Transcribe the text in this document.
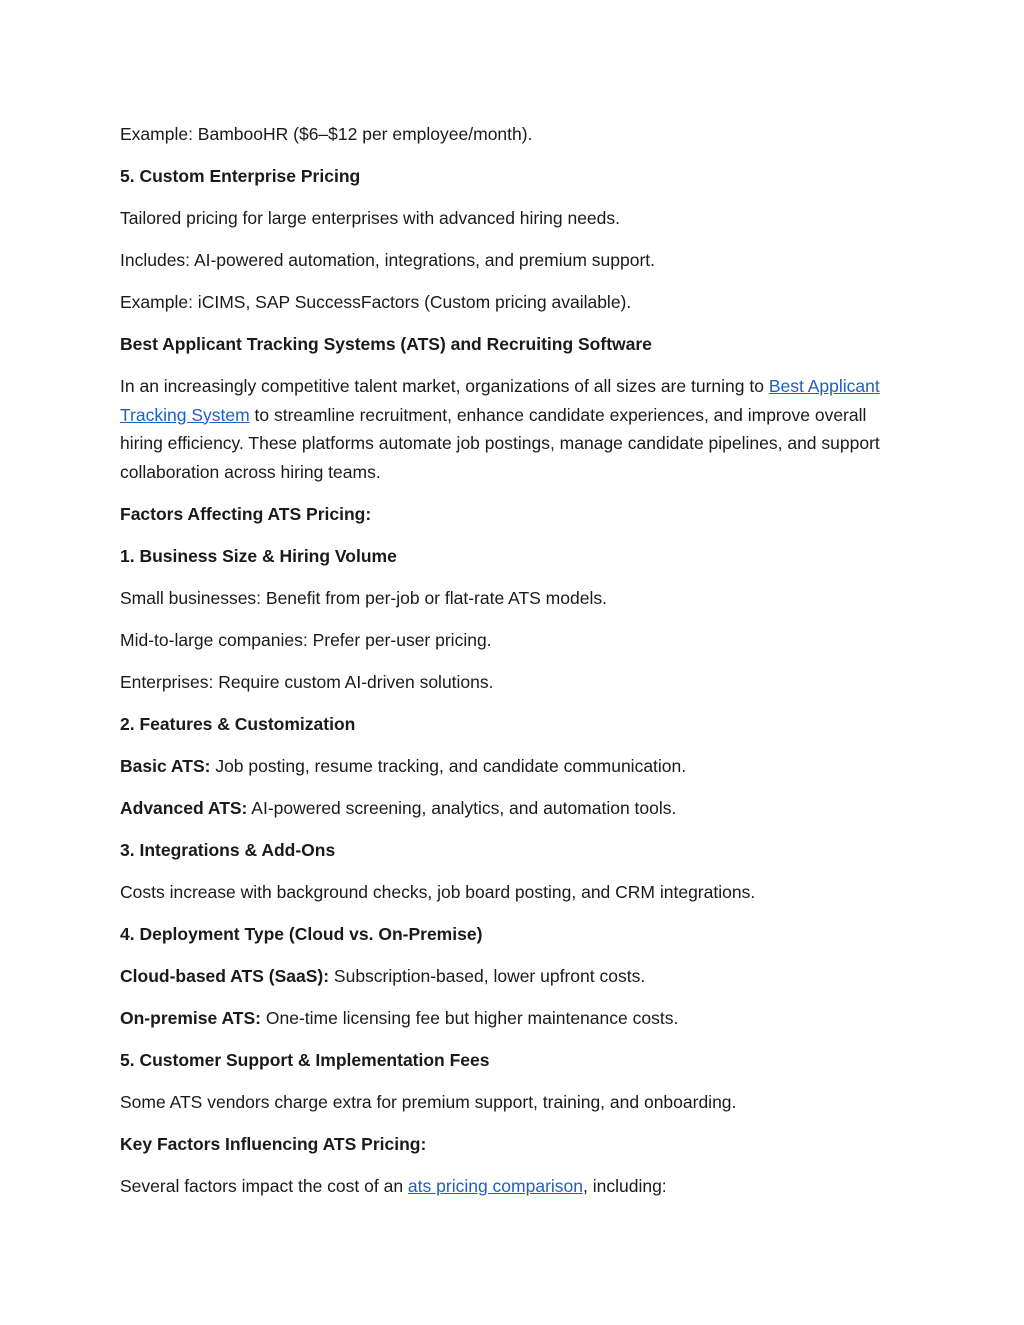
Example: BambooHR ($6–$12 per employee/month).

5. Custom Enterprise Pricing

Tailored pricing for large enterprises with advanced hiring needs.

Includes: AI-powered automation, integrations, and premium support.

Example: iCIMS, SAP SuccessFactors (Custom pricing available).

Best Applicant Tracking Systems (ATS) and Recruiting Software

In an increasingly competitive talent market, organizations of all sizes are turning to Best Applicant Tracking System to streamline recruitment, enhance candidate experiences, and improve overall hiring efficiency. These platforms automate job postings, manage candidate pipelines, and support collaboration across hiring teams.

Factors Affecting ATS Pricing:

1. Business Size & Hiring Volume

Small businesses: Benefit from per-job or flat-rate ATS models.

Mid-to-large companies: Prefer per-user pricing.

Enterprises: Require custom AI-driven solutions.

2. Features & Customization

Basic ATS: Job posting, resume tracking, and candidate communication.

Advanced ATS: AI-powered screening, analytics, and automation tools.

3. Integrations & Add-Ons

Costs increase with background checks, job board posting, and CRM integrations.

4. Deployment Type (Cloud vs. On-Premise)

Cloud-based ATS (SaaS): Subscription-based, lower upfront costs.

On-premise ATS: One-time licensing fee but higher maintenance costs.

5. Customer Support & Implementation Fees

Some ATS vendors charge extra for premium support, training, and onboarding.

Key Factors Influencing ATS Pricing:

Several factors impact the cost of an ats pricing comparison, including:
